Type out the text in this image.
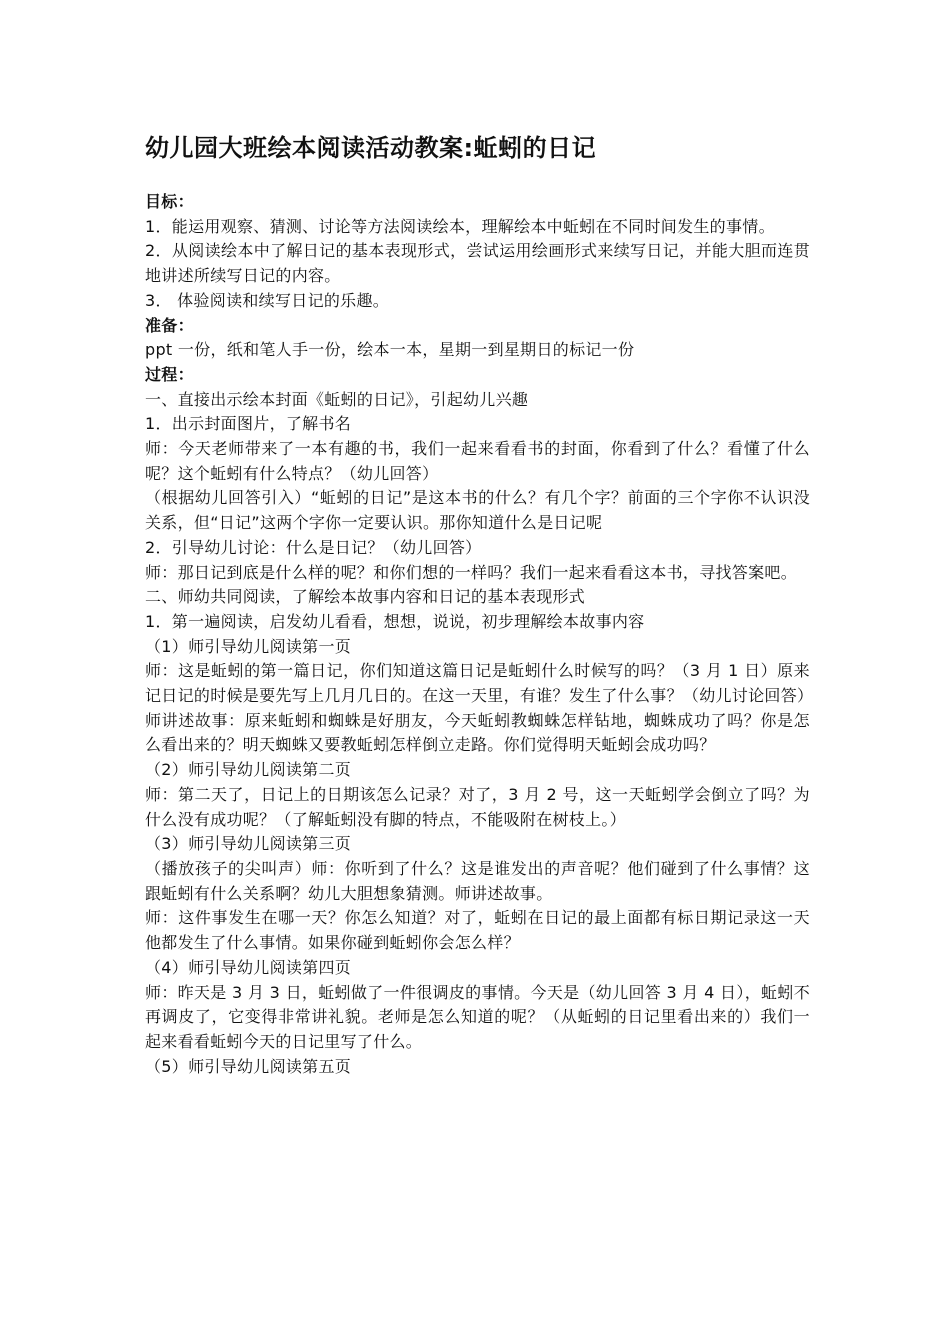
幼儿园大班绘本阅读活动教案:蚯蚓的日记

目标：

1．能运用观察、猜测、讨论等方法阅读绘本，理解绘本中蚯蚓在不同时间发生的事情。

2．从阅读绘本中了解日记的基本表现形式，尝试运用绘画形式来续写日记，并能大胆而连贯地讲述所续写日记的内容。

3． 体验阅读和续写日记的乐趣。

准备：

ppt 一份，纸和笔人手一份，绘本一本，星期一到星期日的标记一份

过程：

一、直接出示绘本封面《蚯蚓的日记》，引起幼儿兴趣

1．出示封面图片，了解书名

师：今天老师带来了一本有趣的书，我们一起来看看书的封面，你看到了什么？看懂了什么呢？这个蚯蚓有什么特点？（幼儿回答）

（根据幼儿回答引入）“蚯蚓的日记”是这本书的什么？有几个字？前面的三个字你不认识没关系，但“日记”这两个字你一定要认识。那你知道什么是日记呢

2．引导幼儿讨论：什么是日记？（幼儿回答）

师：那日记到底是什么样的呢？和你们想的一样吗？我们一起来看看这本书，寻找答案吧。

二、师幼共同阅读，了解绘本故事内容和日记的基本表现形式

1．第一遍阅读，启发幼儿看看，想想，说说，初步理解绘本故事内容

（1）师引导幼儿阅读第一页

师：这是蚯蚓的第一篇日记，你们知道这篇日记是蚯蚓什么时候写的吗？（3 月 1 日）原来记日记的时候是要先写上几月几日的。在这一天里，有谁？发生了什么事？（幼儿讨论回答）

师讲述故事：原来蚯蚓和蜘蛛是好朋友，今天蚯蚓教蜘蛛怎样钻地，蜘蛛成功了吗？你是怎么看出来的？明天蜘蛛又要教蚯蚓怎样倒立走路。你们觉得明天蚯蚓会成功吗？

（2）师引导幼儿阅读第二页

师：第二天了，日记上的日期该怎么记录？对了，3 月 2 号，这一天蚯蚓学会倒立了吗？为什么没有成功呢？（了解蚯蚓没有脚的特点，不能吸附在树枝上。）

（3）师引导幼儿阅读第三页

（播放孩子的尖叫声）师：你听到了什么？这是谁发出的声音呢？他们碰到了什么事情？这跟蚯蚓有什么关系啊？幼儿大胆想象猜测。师讲述故事。

师：这件事发生在哪一天？你怎么知道？对了，蚯蚓在日记的最上面都有标日期记录这一天他都发生了什么事情。如果你碰到蚯蚓你会怎么样？

（4）师引导幼儿阅读第四页

师：昨天是 3 月 3 日，蚯蚓做了一件很调皮的事情。今天是（幼儿回答 3 月 4 日），蚯蚓不再调皮了，它变得非常讲礼貌。老师是怎么知道的呢？（从蚯蚓的日记里看出来的）我们一起来看看蚯蚓今天的日记里写了什么。

（5）师引导幼儿阅读第五页
